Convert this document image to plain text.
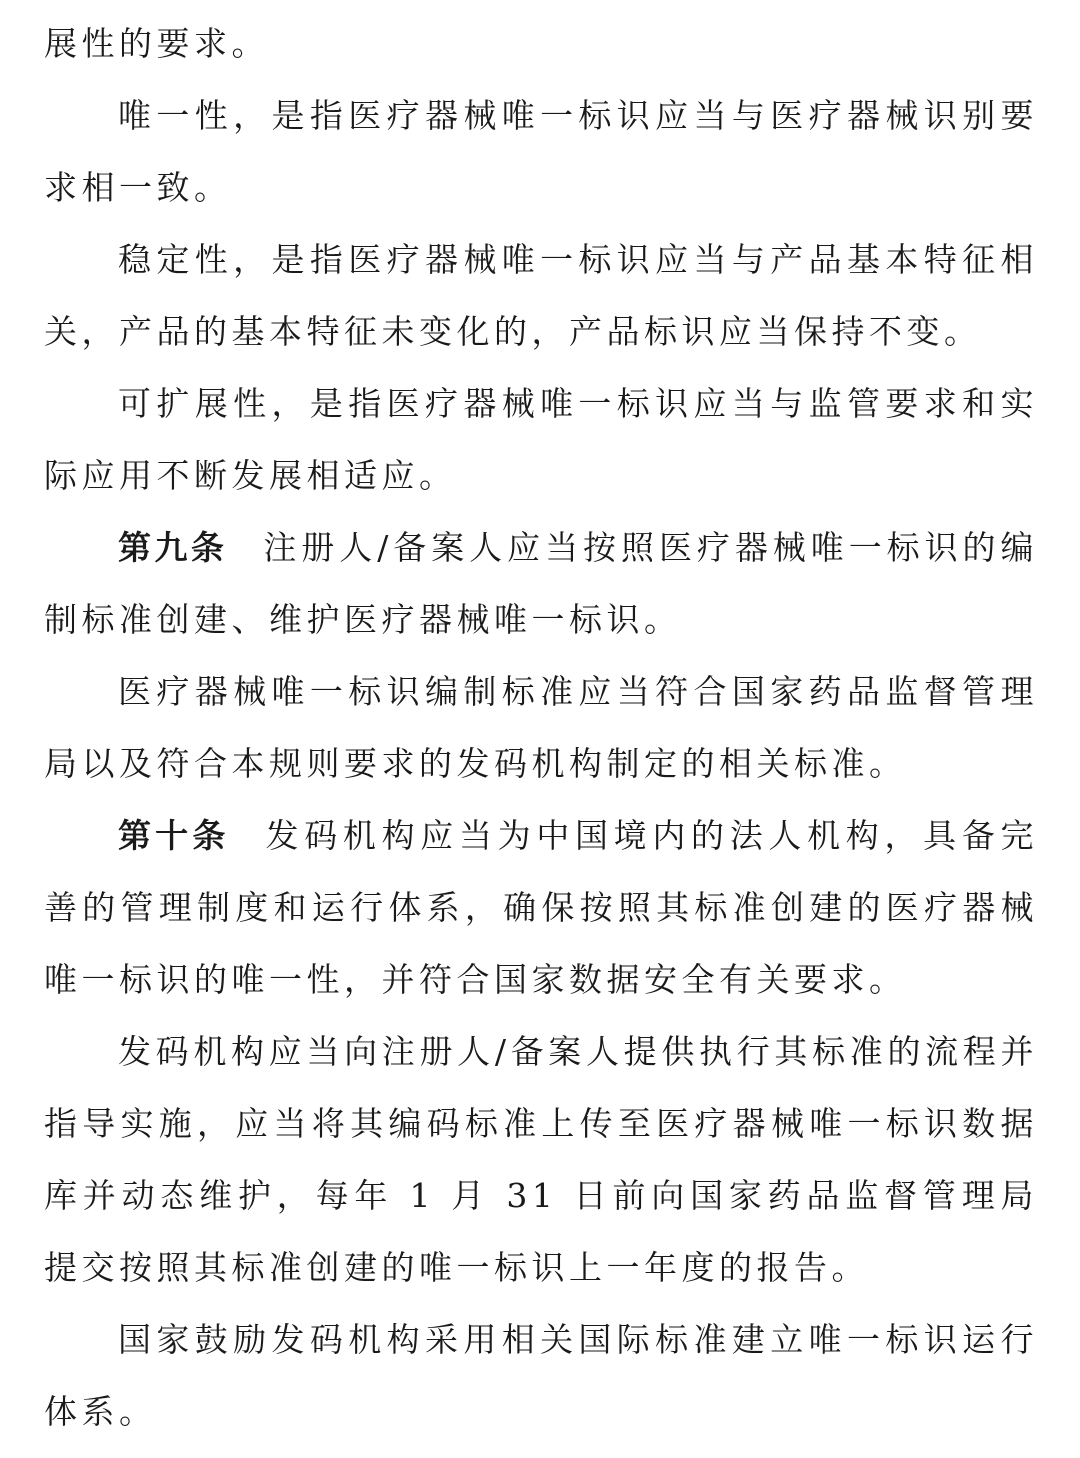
展性的要求。

唯一性，是指医疗器械唯一标识应当与医疗器械识别要求相一致。

稳定性，是指医疗器械唯一标识应当与产品基本特征相关，产品的基本特征未变化的，产品标识应当保持不变。

可扩展性，是指医疗器械唯一标识应当与监管要求和实际应用不断发展相适应。

第九条 注册人/备案人应当按照医疗器械唯一标识的编制标准创建、维护医疗器械唯一标识。

医疗器械唯一标识编制标准应当符合国家药品监督管理局以及符合本规则要求的发码机构制定的相关标准。

第十条 发码机构应当为中国境内的法人机构，具备完善的管理制度和运行体系，确保按照其标准创建的医疗器械唯一标识的唯一性，并符合国家数据安全有关要求。

发码机构应当向注册人/备案人提供执行其标准的流程并指导实施，应当将其编码标准上传至医疗器械唯一标识数据库并动态维护，每年 1 月 31 日前向国家药品监督管理局提交按照其标准创建的唯一标识上一年度的报告。

国家鼓励发码机构采用相关国际标准建立唯一标识运行体系。
